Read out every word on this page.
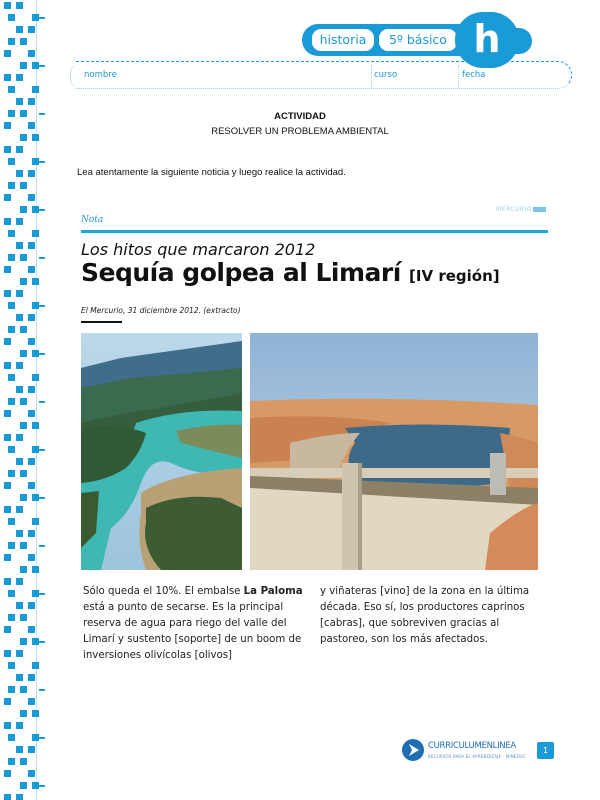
historia	5º básico h
nombre	curso	fecha
ACTIVIDAD
RESOLVER UN PROBLEMA AMBIENTAL
Lea atentamente la siguiente noticia y luego realice la actividad.
Nota
MERCURIO
Los hitos que marcaron 2012
Sequía golpea al Limarí [IV región]
El Mercurio, 31 diciembre 2012. (extracto)
Sólo queda el 10%. El embalse La Paloma está a punto de secarse. Es la principal reserva de agua para riego del valle del Limarí y sustento [soporte] de un boom de inversiones olivícolas [olivos]
y viñateras [vino] de la zona en la última década. Eso sí, los productores caprinos [cabras], que sobreviven gracias al pastoreo, son los más afectados.
CURRICULUMENLINEA
RECURSOS PARA EL APRENDIZAJE · MINEDUC
1
